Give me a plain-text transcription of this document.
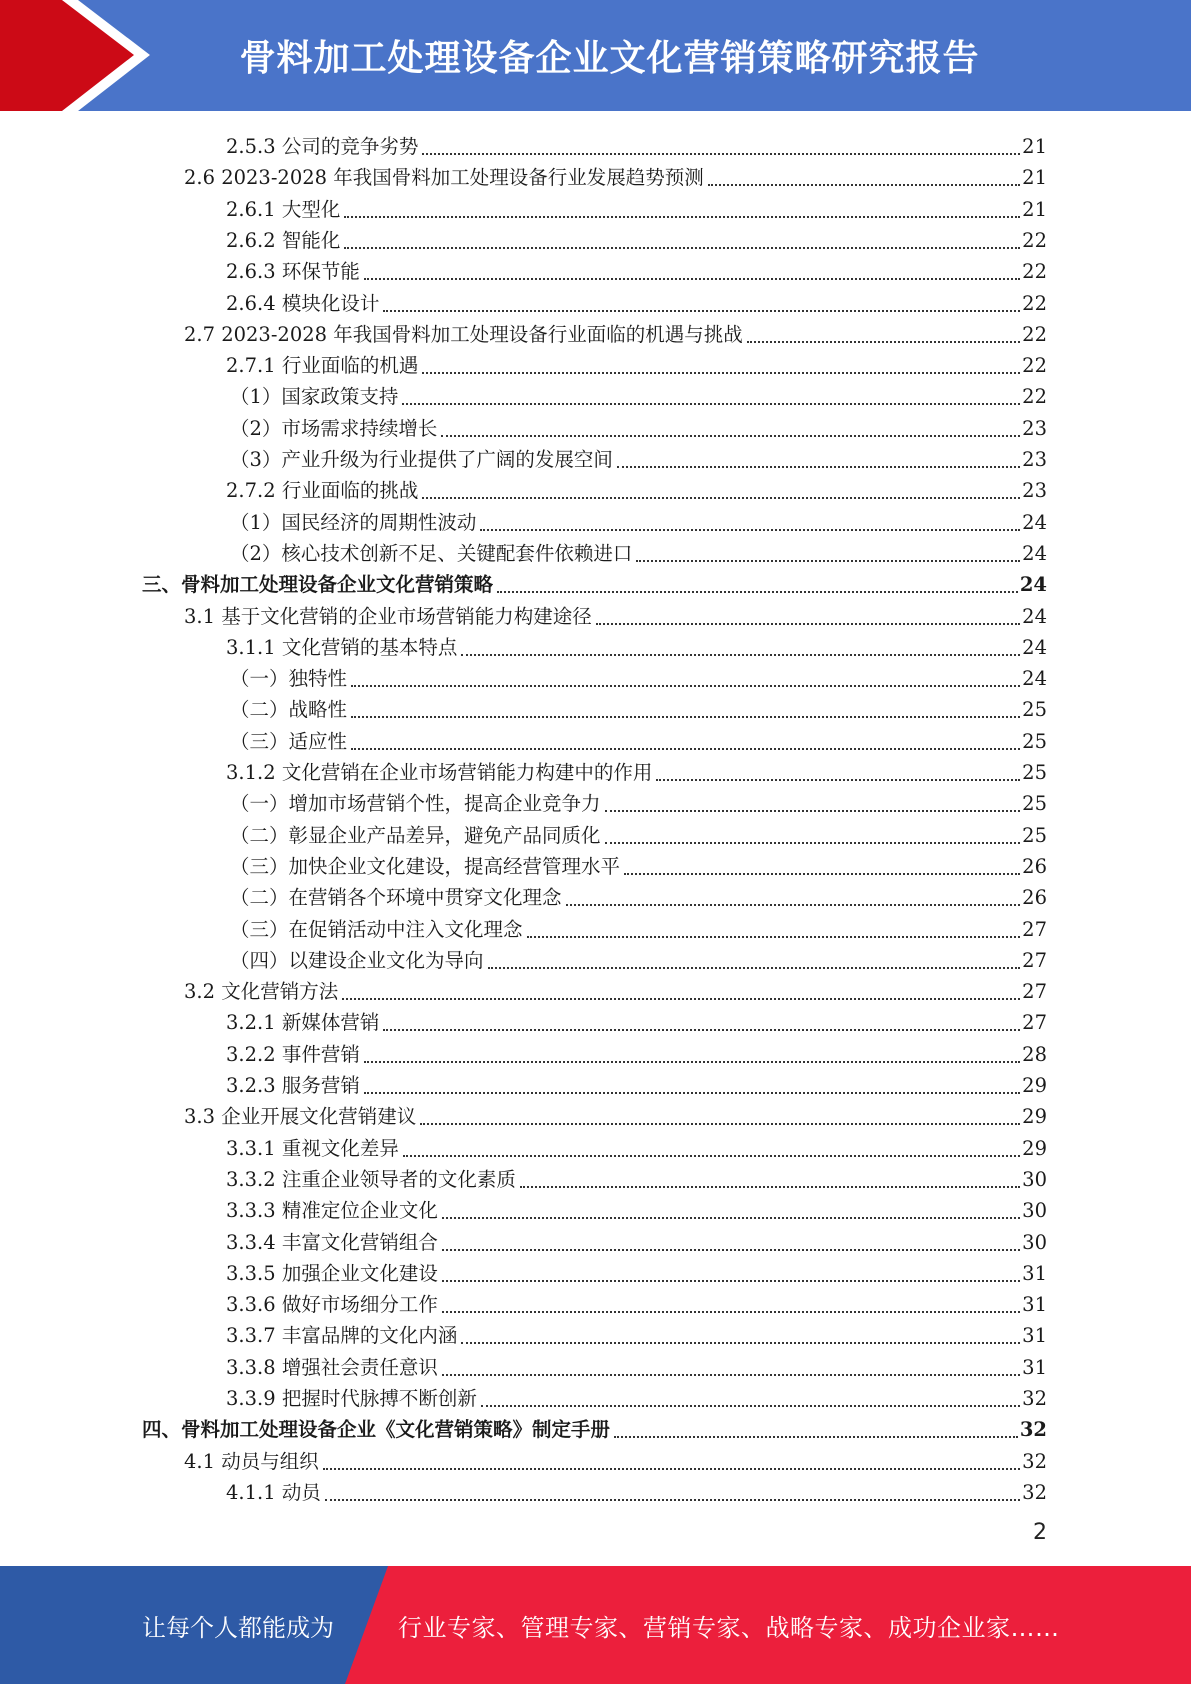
骨料加工处理设备企业文化营销策略研究报告
2.5.3 公司的竞争劣势	21
2.6 2023-2028 年我国骨料加工处理设备行业发展趋势预测	21
2.6.1 大型化	21
2.6.2 智能化	22
2.6.3 环保节能	22
2.6.4 模块化设计	22
2.7 2023-2028 年我国骨料加工处理设备行业面临的机遇与挑战	22
2.7.1 行业面临的机遇	22
（1）国家政策支持	22
（2）市场需求持续增长	23
（3）产业升级为行业提供了广阔的发展空间	23
2.7.2 行业面临的挑战	23
（1）国民经济的周期性波动	24
（2）核心技术创新不足、关键配套件依赖进口	24
三、骨料加工处理设备企业文化营销策略	24
3.1 基于文化营销的企业市场营销能力构建途径	24
3.1.1 文化营销的基本特点	24
（一）独特性	24
（二）战略性	25
（三）适应性	25
3.1.2 文化营销在企业市场营销能力构建中的作用	25
（一）增加市场营销个性，提高企业竞争力	25
（二）彰显企业产品差异，避免产品同质化	25
（三）加快企业文化建设，提高经营管理水平	26
（二）在营销各个环境中贯穿文化理念	26
（三）在促销活动中注入文化理念	27
（四）以建设企业文化为导向	27
3.2 文化营销方法	27
3.2.1 新媒体营销	27
3.2.2 事件营销	28
3.2.3 服务营销	29
3.3 企业开展文化营销建议	29
3.3.1 重视文化差异	29
3.3.2 注重企业领导者的文化素质	30
3.3.3 精准定位企业文化	30
3.3.4 丰富文化营销组合	30
3.3.5 加强企业文化建设	31
3.3.6 做好市场细分工作	31
3.3.7 丰富品牌的文化内涵	31
3.3.8 增强社会责任意识	31
3.3.9 把握时代脉搏不断创新	32
四、骨料加工处理设备企业《文化营销策略》制定手册	32
4.1 动员与组织	32
4.1.1 动员	32
2
让每个人都能成为	行业专家、管理专家、营销专家、战略专家、成功企业家……
